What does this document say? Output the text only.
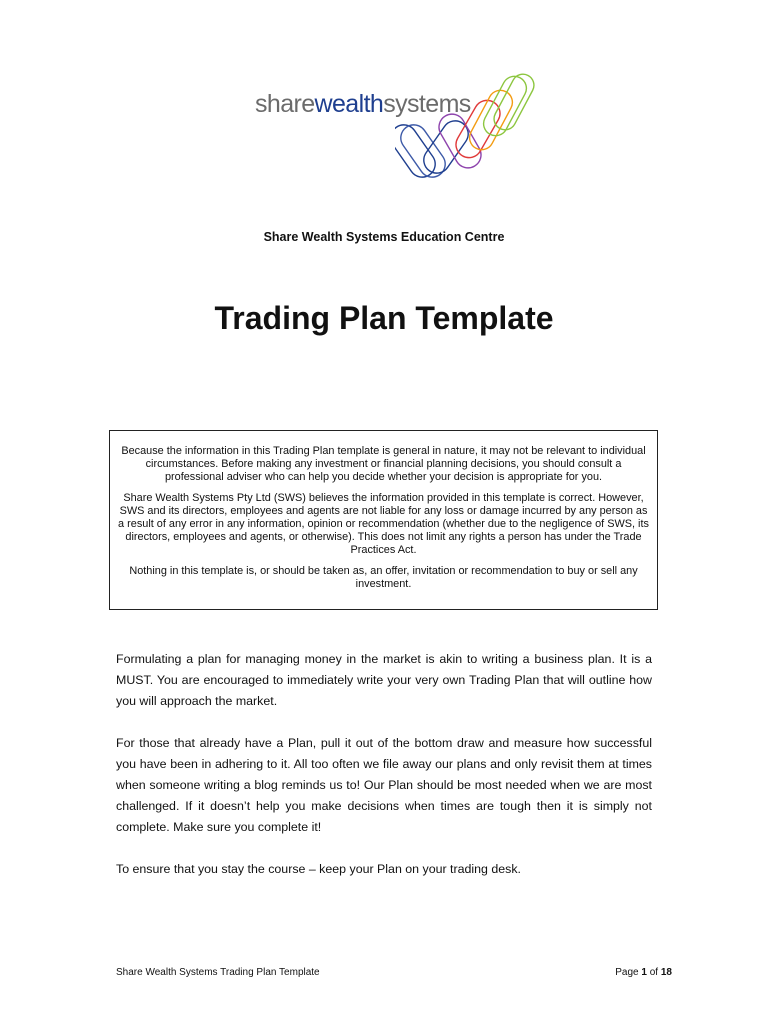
sharewealthsystems
Share Wealth Systems Education Centre
Trading Plan Template

Because the information in this Trading Plan template is general in nature, it may not be relevant to individual circumstances. Before making any investment or financial planning decisions, you should consult a professional adviser who can help you decide whether your decision is appropriate for you.

Share Wealth Systems Pty Ltd (SWS) believes the information provided in this template is correct. However, SWS and its directors, employees and agents are not liable for any loss or damage incurred by any person as a result of any error in any information, opinion or recommendation (whether due to the negligence of SWS, its directors, employees and agents, or otherwise). This does not limit any rights a person has under the Trade Practices Act.

Nothing in this template is, or should be taken as, an offer, invitation or recommendation to buy or sell any investment.

Formulating a plan for managing money in the market is akin to writing a business plan. It is a MUST. You are encouraged to immediately write your very own Trading Plan that will outline how you will approach the market.

For those that already have a Plan, pull it out of the bottom draw and measure how successful you have been in adhering to it. All too often we file away our plans and only revisit them at times when someone writing a blog reminds us to! Our Plan should be most needed when we are most challenged. If it doesn’t help you make decisions when times are tough then it is simply not complete. Make sure you complete it!

To ensure that you stay the course – keep your Plan on your trading desk.

Share Wealth Systems Trading Plan Template	Page 1 of 18
